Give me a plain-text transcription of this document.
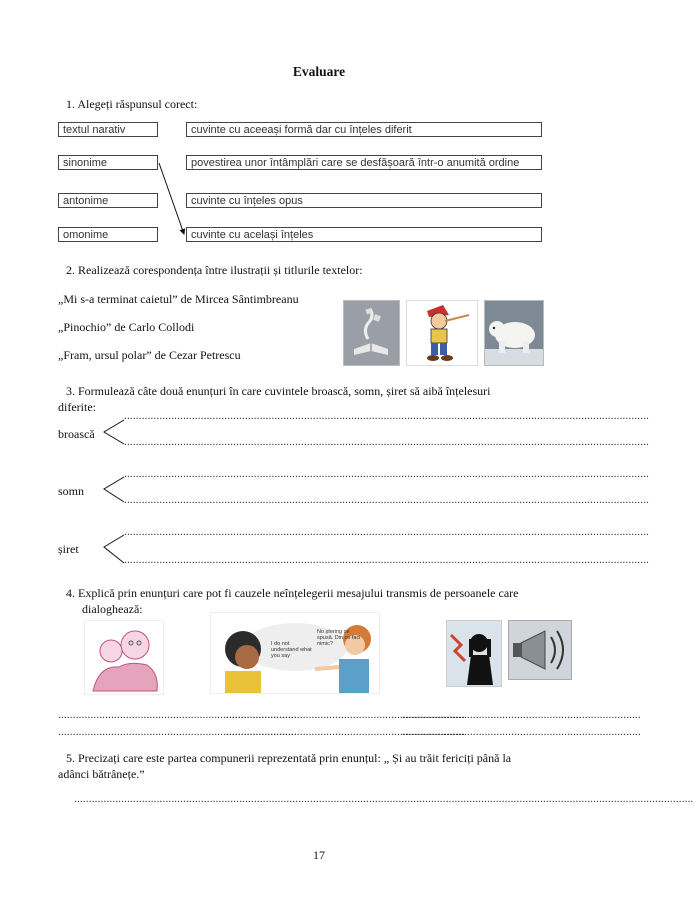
Evaluare
1. Alegeți răspunsul corect:
textul narativ
sinonime
antonime
omonime
cuvinte cu aceeași formă dar cu înțeles diferit
povestirea unor întâmplări care se desfășoară într-o anumită ordine
cuvinte cu înțeles opus
cuvinte cu același înțeles
2. Realizează corespondența între ilustrații și titlurile textelor:
„Mi s-a terminat caietul” de Mircea Sântimbreanu
„Pinochio” de Carlo Collodi
„Fram, ursul polar” de Cezar Petrescu
3. Formulează câte două enunțuri în care cuvintele broască, somn, șiret să aibă înțelesuri
diferite:
..................................................................................................................................................................................
broască
..................................................................................................................................................................................
..................................................................................................................................................................................
somn
..................................................................................................................................................................................
..................................................................................................................................................................................
șiret
..................................................................................................................................................................................
4. Explică prin enunțuri care pot fi cauzele neînțelegerii mesajului transmis de persoanele care
dialoghează:
No ștering ce spusă. Din ce faci nimic?
I do not understand what you say
.................................................................................
.................................................................................
.................................................................................
.................................................................................
.................................................................................
.................................................................................
5. Precizați care este partea compunerii reprezentată prin enunțul: „ Și au trăit fericiți până la
adânci bătrânețe.”
..................................................................................................................................................................................................................
17
